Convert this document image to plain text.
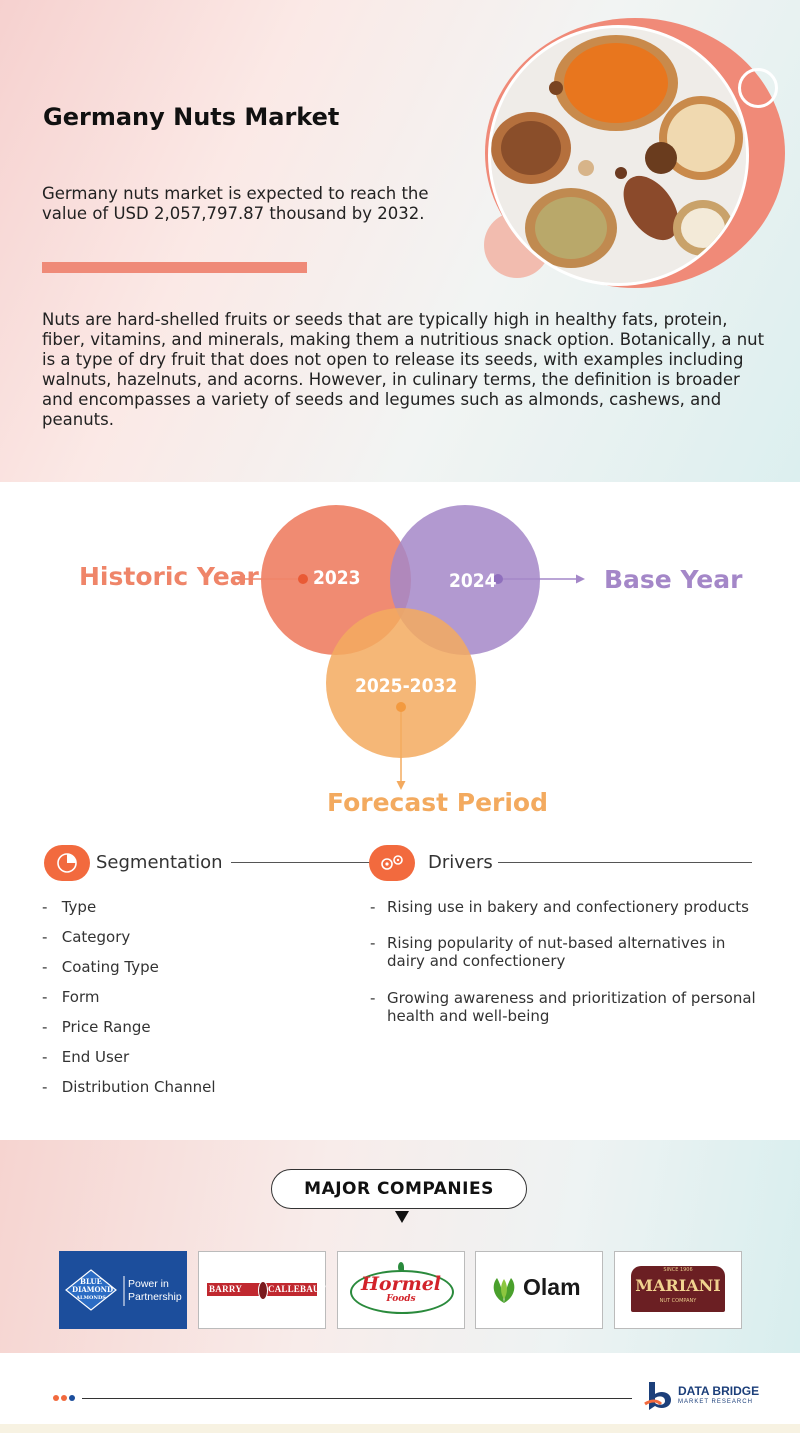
Germany Nuts Market
Germany nuts market is expected to reach the value of USD 2,057,797.87 thousand by 2032.
Nuts are hard-shelled fruits or seeds that are typically high in healthy fats, protein, fiber, vitamins, and minerals, making them a nutritious snack option. Botanically, a nut is a type of dry fruit that does not open to release its seeds, with examples including walnuts, hazelnuts, and acorns. However, in culinary terms, the definition is broader and encompasses a variety of seeds and legumes such as almonds, cashews, and peanuts.
2023	2024
2025-2032
Historic Year	Base Year
Forecast Period
Segmentation
-   Type
-   Category
-   Coating Type
-   Form
-   Price Range
-   End User
-   Distribution Channel
Drivers
- Rising use in bakery and confectionery products
- Rising popularity of nut-based alternatives in dairy and confectionery
- Growing awareness and prioritization of personal health and well-being
MAJOR COMPANIES
BLUE
DIAMOND
ALMONDS
Power in Partnership
BARRY	CALLEBAUT	Hormel
Foods	Olam
SINCE 1906
MARIANI
NUT COMPANY
DATA BRIDGE
MARKET RESEARCH
